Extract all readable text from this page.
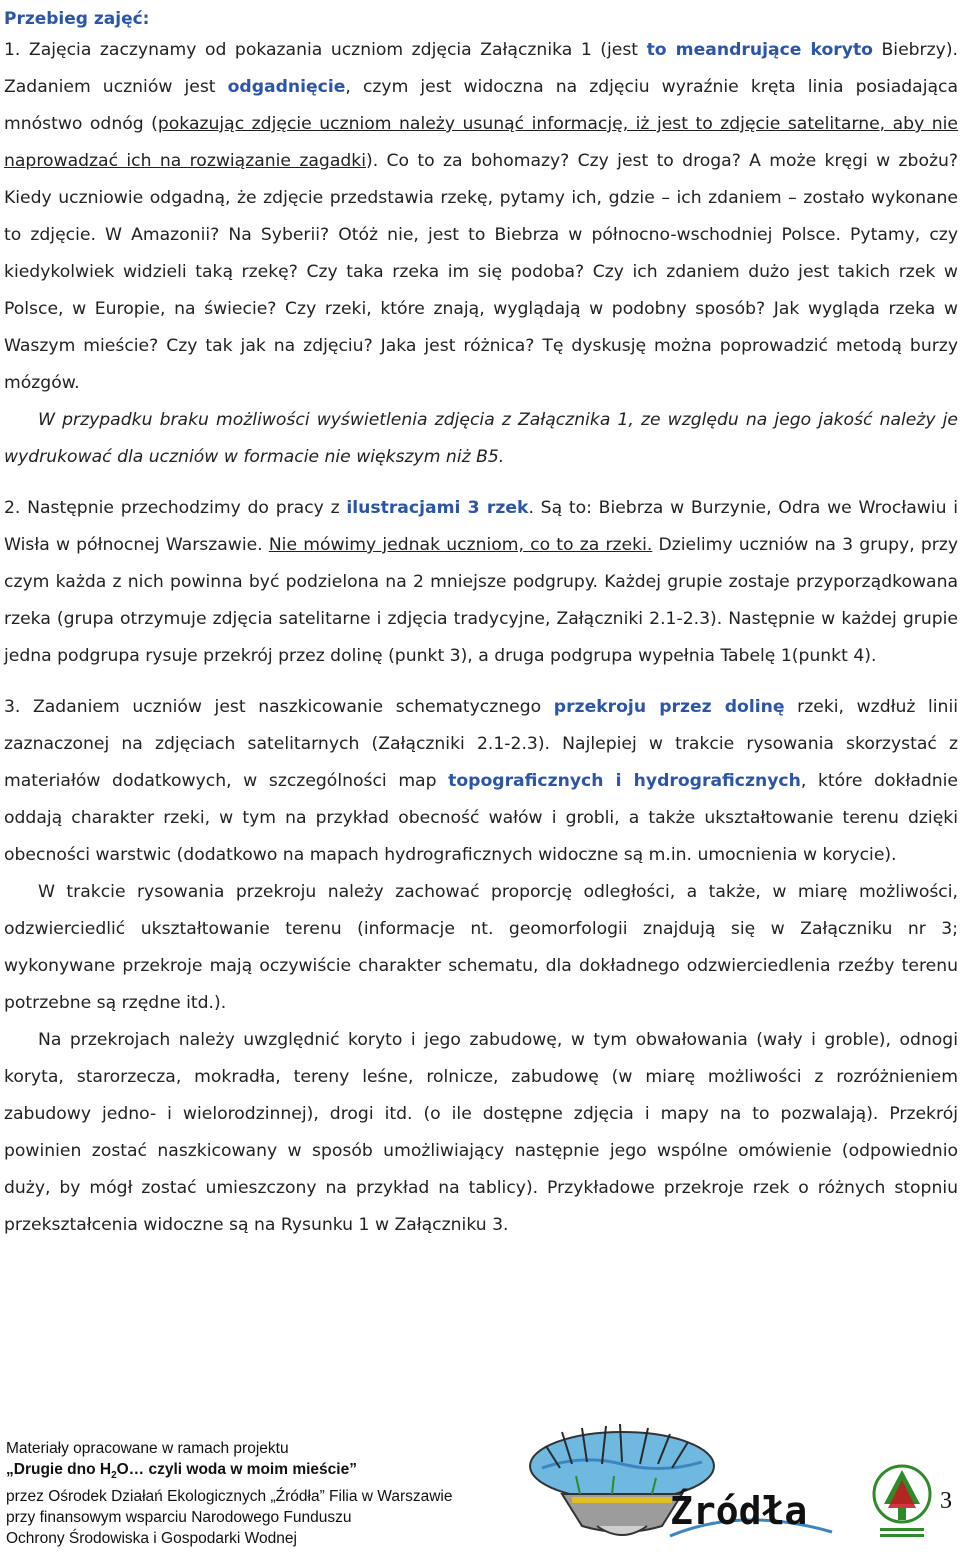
Przebieg zajęć:

1. Zajęcia zaczynamy od pokazania uczniom zdjęcia Załącznika 1 (jest to meandrujące koryto Biebrzy). Zadaniem uczniów jest odgadnięcie, czym jest widoczna na zdjęciu wyraźnie kręta linia posiadająca mnóstwo odnóg (pokazując zdjęcie uczniom należy usunąć informację, iż jest to zdjęcie satelitarne, aby nie naprowadzać ich na rozwiązanie zagadki). Co to za bohomazy? Czy jest to droga? A może kręgi w zbożu? Kiedy uczniowie odgadną, że zdjęcie przedstawia rzekę, pytamy ich, gdzie – ich zdaniem – zostało wykonane to zdjęcie. W Amazonii? Na Syberii? Otóż nie, jest to Biebrza w północno-wschodniej Polsce. Pytamy, czy kiedykolwiek widzieli taką rzekę? Czy taka rzeka im się podoba? Czy ich zdaniem dużo jest takich rzek w Polsce, w Europie, na świecie? Czy rzeki, które znają, wyglądają w podobny sposób? Jak wygląda rzeka w Waszym mieście? Czy tak jak na zdjęciu? Jaka jest różnica? Tę dyskusję można poprowadzić metodą burzy mózgów.

W przypadku braku możliwości wyświetlenia zdjęcia z Załącznika 1, ze względu na jego jakość należy je wydrukować dla uczniów w formacie nie większym niż B5.

2. Następnie przechodzimy do pracy z ilustracjami 3 rzek. Są to: Biebrza w Burzynie, Odra we Wrocławiu i Wisła w północnej Warszawie. Nie mówimy jednak uczniom, co to za rzeki. Dzielimy uczniów na 3 grupy, przy czym każda z nich powinna być podzielona na 2 mniejsze podgrupy. Każdej grupie zostaje przyporządkowana rzeka (grupa otrzymuje zdjęcia satelitarne i zdjęcia tradycyjne, Załączniki 2.1-2.3). Następnie w każdej grupie jedna podgrupa rysuje przekrój przez dolinę (punkt 3), a druga podgrupa wypełnia Tabelę 1(punkt 4).

3. Zadaniem uczniów jest naszkicowanie schematycznego przekroju przez dolinę rzeki, wzdłuż linii zaznaczonej na zdjęciach satelitarnych (Załączniki 2.1-2.3). Najlepiej w trakcie rysowania skorzystać z materiałów dodatkowych, w szczególności map topograficznych i hydrograficznych, które dokładnie oddają charakter rzeki, w tym na przykład obecność wałów i grobli, a także ukształtowanie terenu dzięki obecności warstwic (dodatkowo na mapach hydrograficznych widoczne są m.in. umocnienia w korycie).

W trakcie rysowania przekroju należy zachować proporcję odległości, a także, w miarę możliwości, odzwierciedlić ukształtowanie terenu (informacje nt. geomorfologii znajdują się w Załączniku nr 3; wykonywane przekroje mają oczywiście charakter schematu, dla dokładnego odzwierciedlenia rzeźby terenu potrzebne są rzędne itd.).

Na przekrojach należy uwzględnić koryto i jego zabudowę, w tym obwałowania (wały i groble), odnogi koryta, starorzecza, mokradła, tereny leśne, rolnicze, zabudowę (w miarę możliwości z rozróżnieniem zabudowy jedno- i wielorodzinnej), drogi itd. (o ile dostępne zdjęcia i mapy na to pozwalają). Przekrój powinien zostać naszkicowany w sposób umożliwiający następnie jego wspólne omówienie (odpowiednio duży, by mógł zostać umieszczony na przykład na tablicy). Przykładowe przekroje rzek o różnych stopniu przekształcenia widoczne są na Rysunku 1 w Załączniku 3.

Materiały opracowane w ramach projektu
„Drugie dno $H_2O\dots$ czyli woda w moim mieście”
przez Ośrodek Działań Ekologicznych „Źródła” Filia w Warszawie
przy finansowym wsparciu Narodowego Funduszu
Ochrony Środowiska i Gospodarki Wodnej
Źródła	3
